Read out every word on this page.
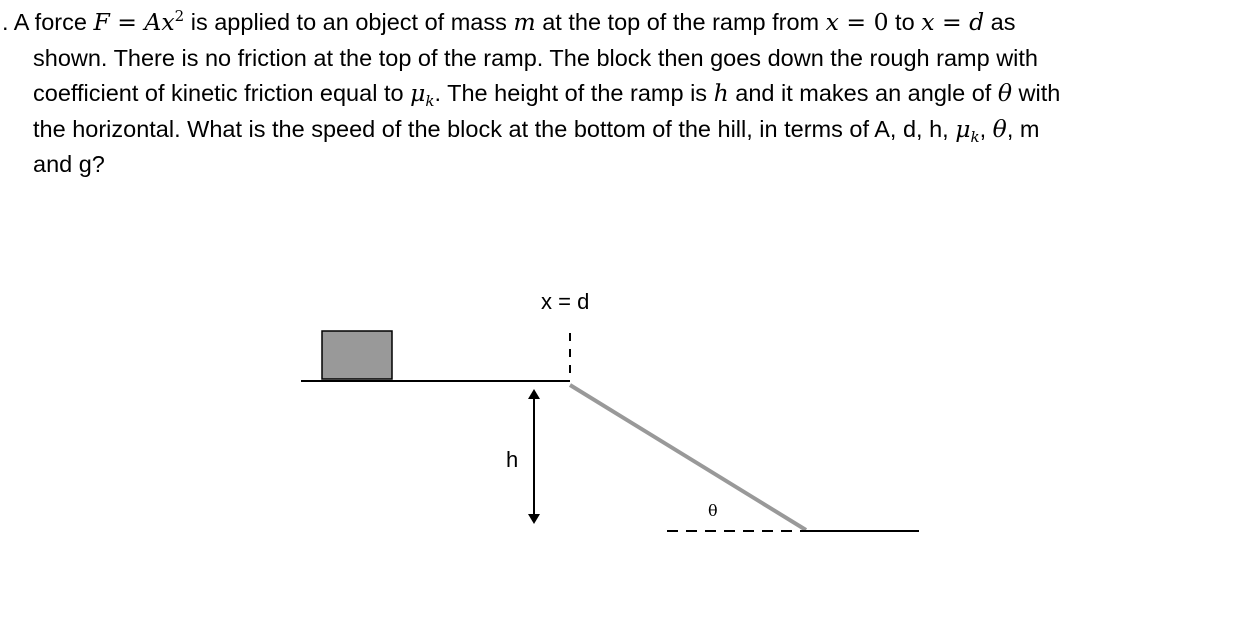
. A force $F = Ax^2$ is applied to an object of mass m at the top of the ramp from x = 0 to x = d as
shown. There is no friction at the top of the ramp. The block then goes down the rough ramp with
coefficient of kinetic friction equal to $\mu_k$. The height of the ramp is h and it makes an angle of θ with
the horizontal. What is the speed of the block at the bottom of the hill, in terms of A, d, h, $\mu_k$, θ, m
and g?
x = d
h
θ
